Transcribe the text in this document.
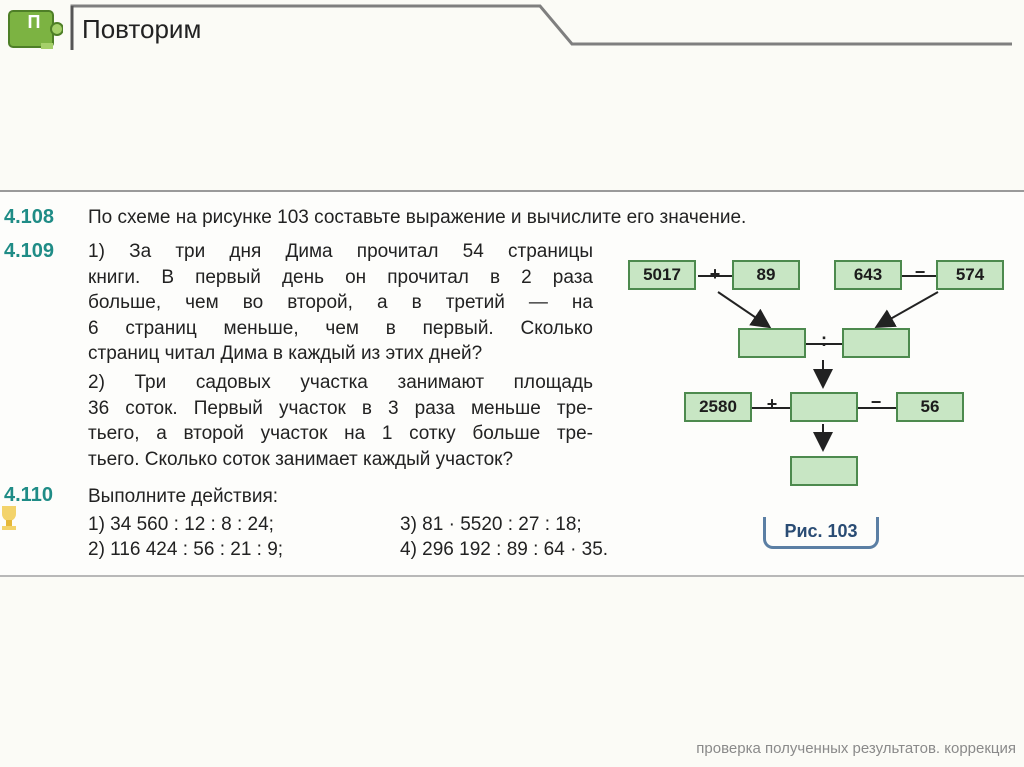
П Повторим
4.108 По схеме на рисунке 103 составьте выражение и вычислите его значение.
4.109 1) За три дня Дима прочитал 54 страницы
книги. В первый день он прочитал в 2 раза
больше, чем во второй, а в третий — на
6 страниц меньше, чем в первый. Сколько
страниц читал Дима в каждый из этих дней?
2) Три садовых участка занимают площадь
36 соток. Первый участок в 3 раза меньше тре-
тьего, а второй участок на 1 сотку больше тре-
тьего. Сколько соток занимает каждый участок?
4.110 Выполните действия:
1) 34 560 : 12 : 8 : 24;
2) 116 424 : 56 : 21 : 9;
3) 81 · 5520 : 27 : 18;
4) 296 192 : 89 : 64 · 35.
5017	+	89	643	−	574
:
2580	+	−	56
Рис. 103
проверка полученных результатов. коррекция
